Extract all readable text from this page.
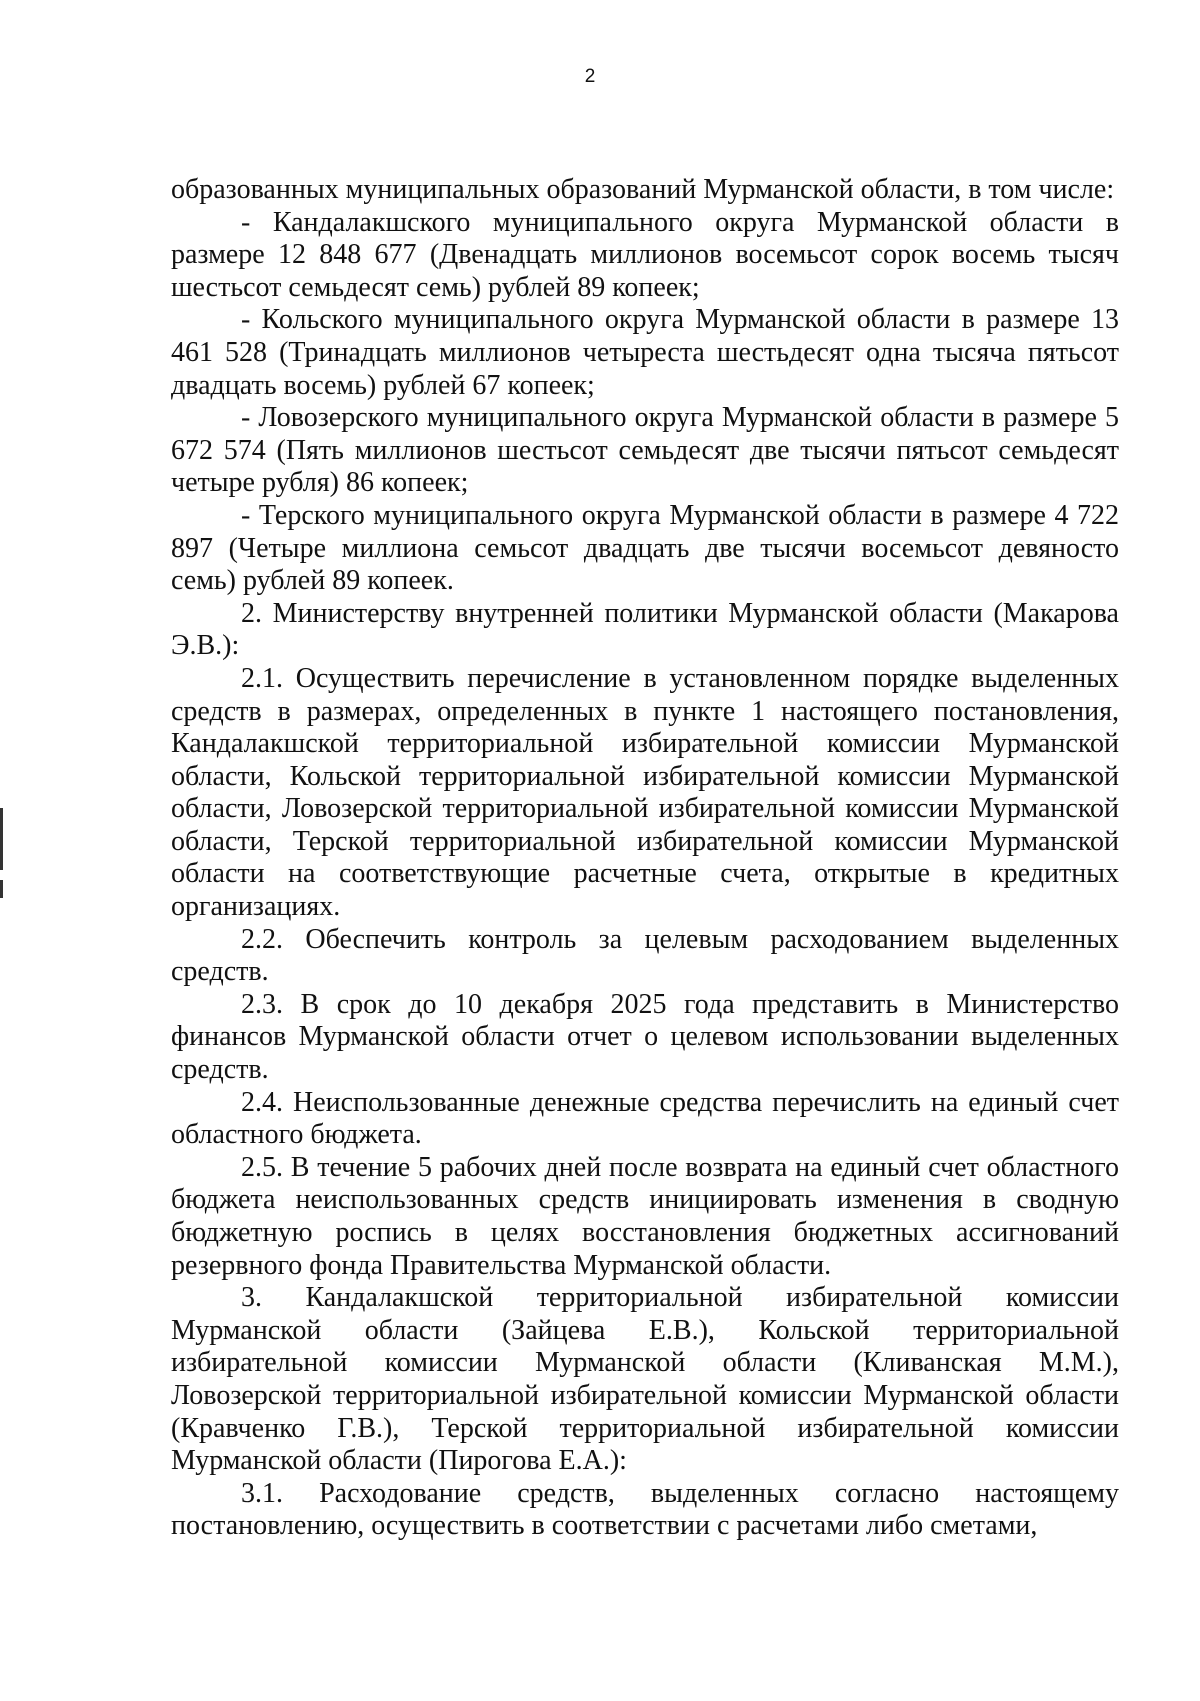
2

образованных муниципальных образований Мурманской области, в том числе:

- Кандалакшского муниципального округа Мурманской области в размере 12 848 677 (Двенадцать миллионов восемьсот сорок восемь тысяч шестьсот семьдесят семь) рублей 89 копеек;

- Кольского муниципального округа Мурманской области в размере 13 461 528 (Тринадцать миллионов четыреста шестьдесят одна тысяча пятьсот двадцать восемь) рублей 67 копеек;

- Ловозерского муниципального округа Мурманской области в размере 5 672 574 (Пять миллионов шестьсот семьдесят две тысячи пятьсот семьдесят четыре рубля) 86 копеек;

- Терского муниципального округа Мурманской области в размере 4 722 897 (Четыре миллиона семьсот двадцать две тысячи восемьсот девяносто семь) рублей 89 копеек.

2. Министерству внутренней политики Мурманской области (Макарова Э.В.):

2.1. Осуществить перечисление в установленном порядке выделенных средств в размерах, определенных в пункте 1 настоящего постановления, Кандалакшской территориальной избирательной комиссии Мурманской области, Кольской территориальной избирательной комиссии Мурманской области, Ловозерской территориальной избирательной комиссии Мурманской области, Терской территориальной избирательной комиссии Мурманской области на соответствующие расчетные счета, открытые в кредитных организациях.

2.2. Обеспечить контроль за целевым расходованием выделенных средств.

2.3. В срок до 10 декабря 2025 года представить в Министерство финансов Мурманской области отчет о целевом использовании выделенных средств.

2.4. Неиспользованные денежные средства перечислить на единый счет областного бюджета.

2.5. В течение 5 рабочих дней после возврата на единый счет областного бюджета неиспользованных средств инициировать изменения в сводную бюджетную роспись в целях восстановления бюджетных ассигнований резервного фонда Правительства Мурманской области.

3. Кандалакшской территориальной избирательной комиссии Мурманской области (Зайцева Е.В.), Кольской территориальной избирательной комиссии Мурманской области (Кливанская М.М.), Ловозерской территориальной избирательной комиссии Мурманской области (Кравченко Г.В.), Терской территориальной избирательной комиссии Мурманской области (Пирогова Е.А.):

3.1. Расходование средств, выделенных согласно настоящему постановлению, осуществить в соответствии с расчетами либо сметами,
